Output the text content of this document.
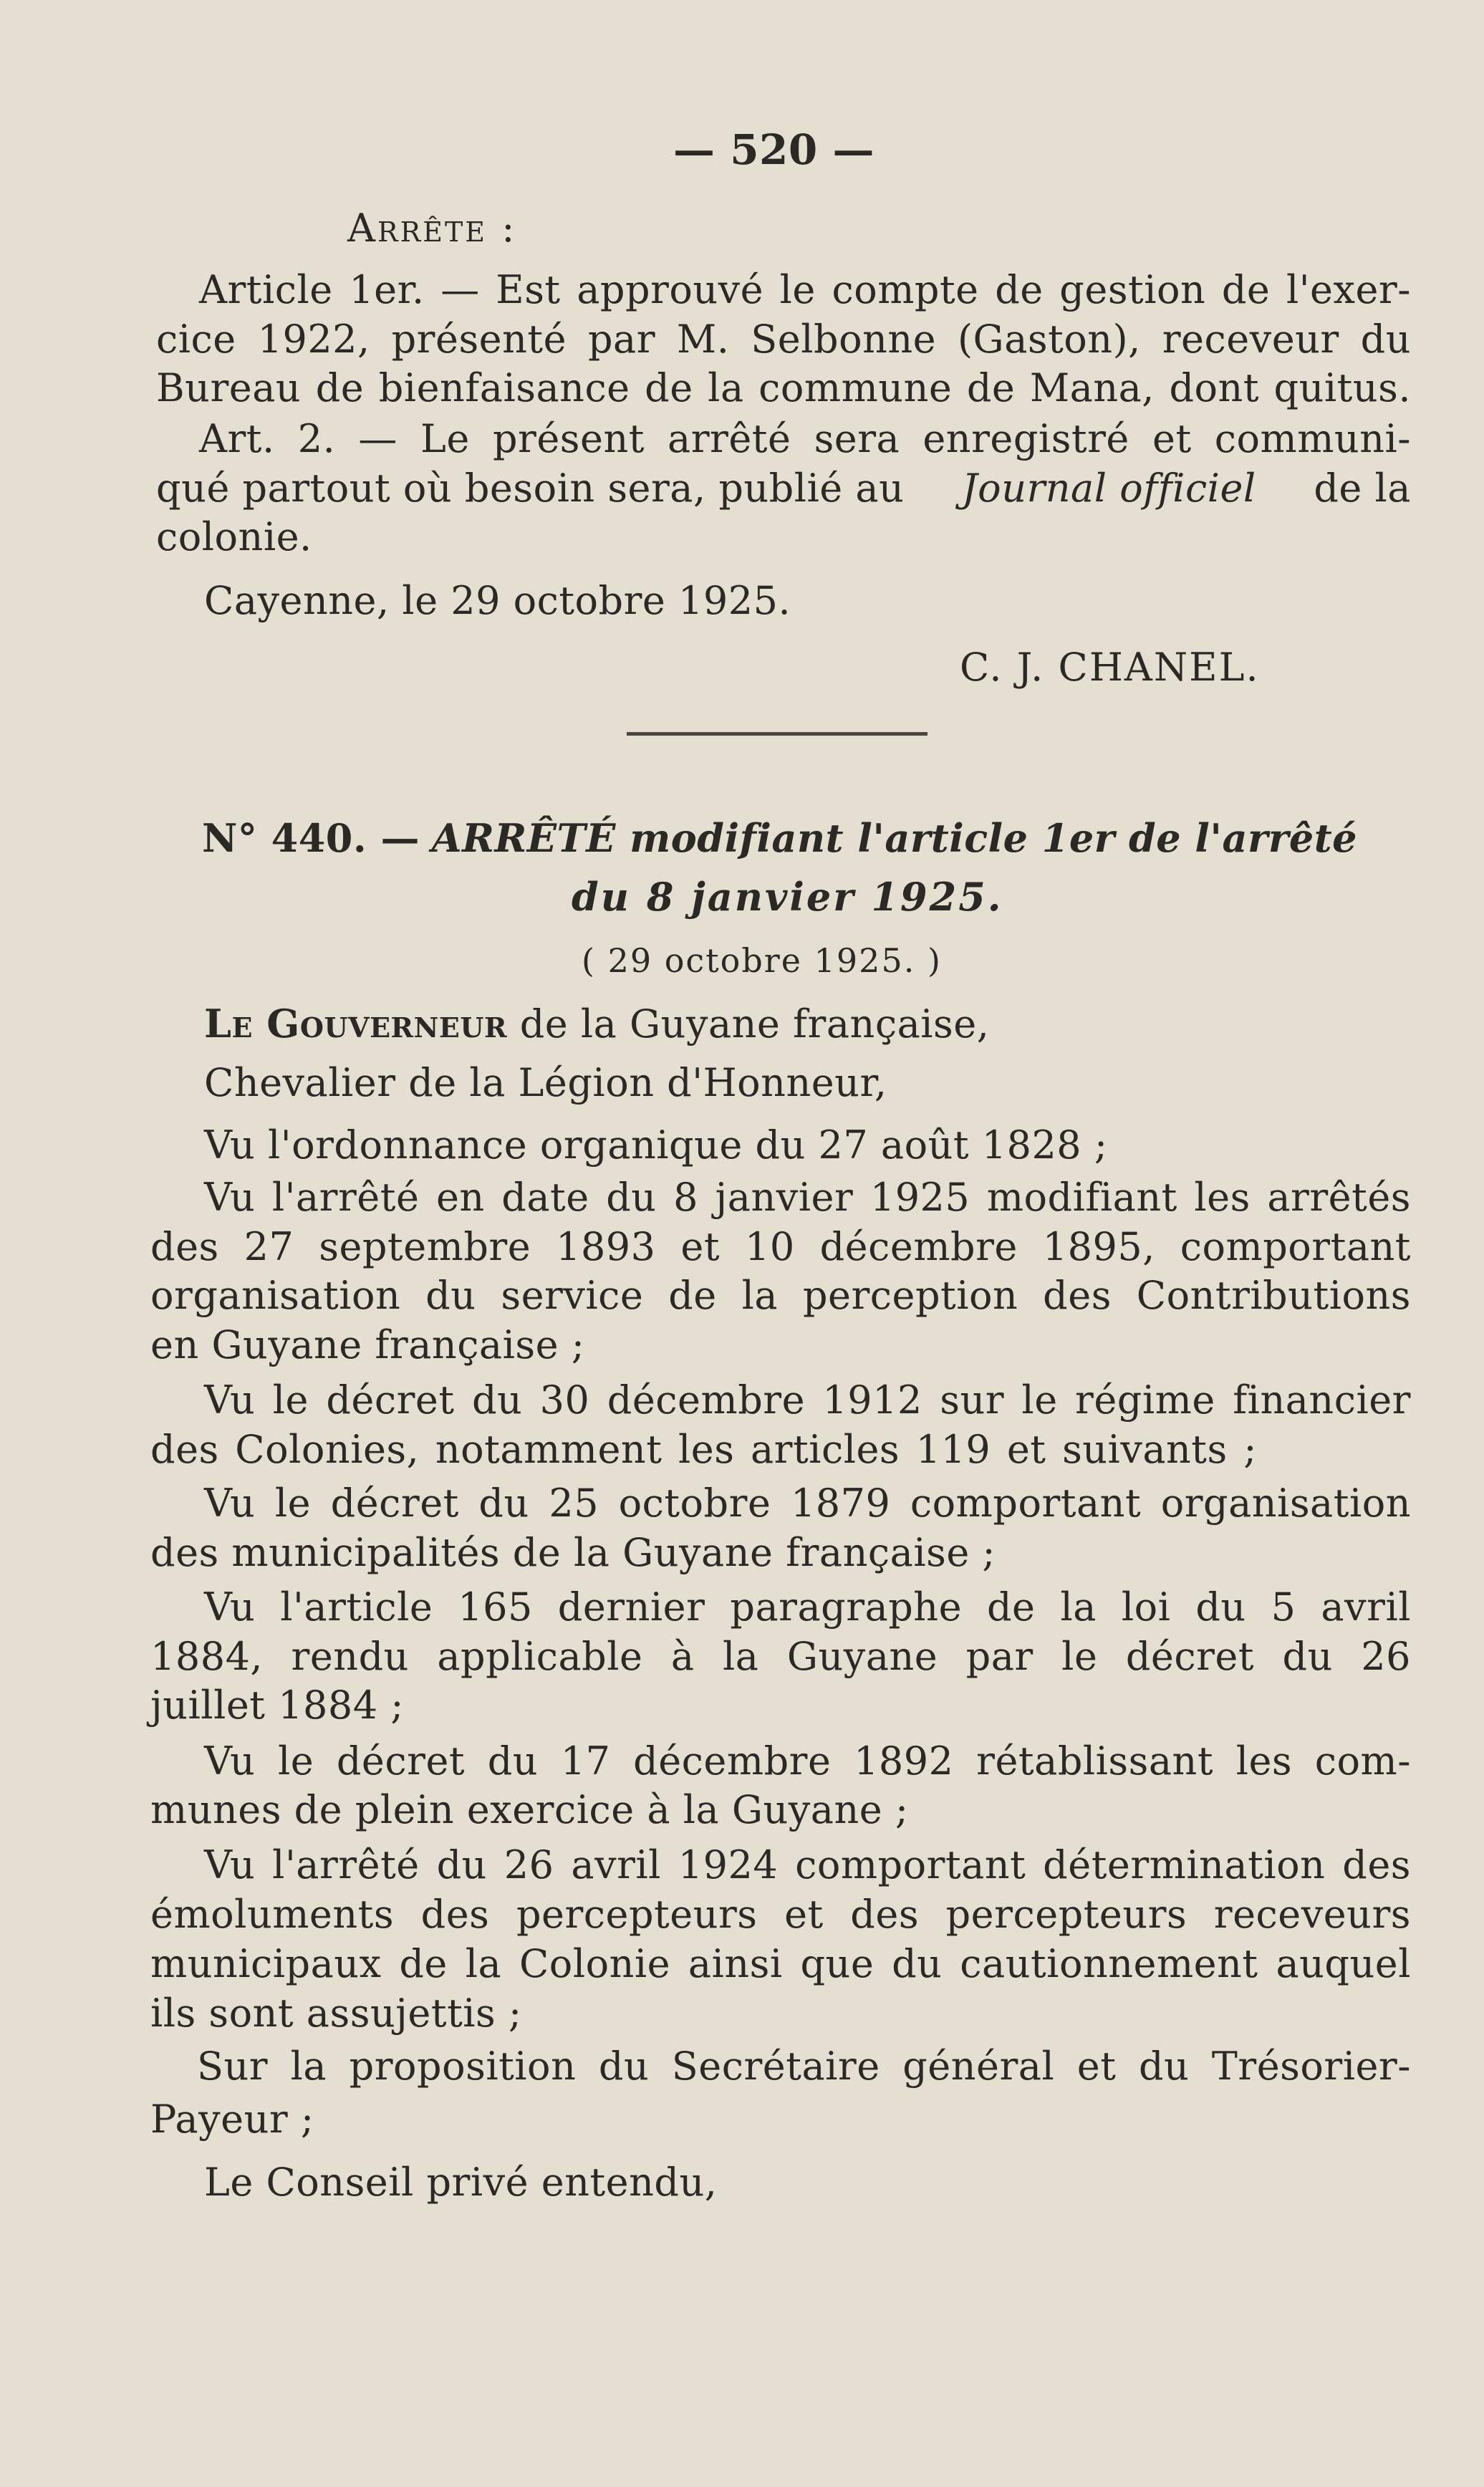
— 520 —
Arrête :
Article 1er. — Est approuvé le compte de gestion de l'exer-
cice 1922, présenté par M. Selbonne (Gaston), receveur du
Bureau de bienfaisance de la commune de Mana, dont quitus.
Art. 2. — Le présent arrêté sera enregistré et communi-
qué partout où besoin sera, publié au Journal officiel de la
colonie.
Cayenne, le 29 octobre 1925.
C. J. CHANEL.
N° 440. — ARRÊTÉ modifiant l'article 1er de l'arrêté
du 8 janvier 1925.
( 29 octobre 1925. )
Le Gouverneur de la Guyane française,
Chevalier de la Légion d'Honneur,
Vu l'ordonnance organique du 27 août 1828 ;
Vu l'arrêté en date du 8 janvier 1925 modifiant les arrêtés
des 27 septembre 1893 et 10 décembre 1895, comportant
organisation du service de la perception des Contributions
en Guyane française ;
Vu le décret du 30 décembre 1912 sur le régime financier
des Colonies, notamment les articles 119 et suivants ;
Vu le décret du 25 octobre 1879 comportant organisation
des municipalités de la Guyane française ;
Vu l'article 165 dernier paragraphe de la loi du 5 avril
1884, rendu applicable à la Guyane par le décret du 26
juillet 1884 ;
Vu le décret du 17 décembre 1892 rétablissant les com-
munes de plein exercice à la Guyane ;
Vu l'arrêté du 26 avril 1924 comportant détermination des
émoluments des percepteurs et des percepteurs receveurs
municipaux de la Colonie ainsi que du cautionnement auquel
ils sont assujettis ;
Sur la proposition du Secrétaire général et du Trésorier-
Payeur ;
Le Conseil privé entendu,
